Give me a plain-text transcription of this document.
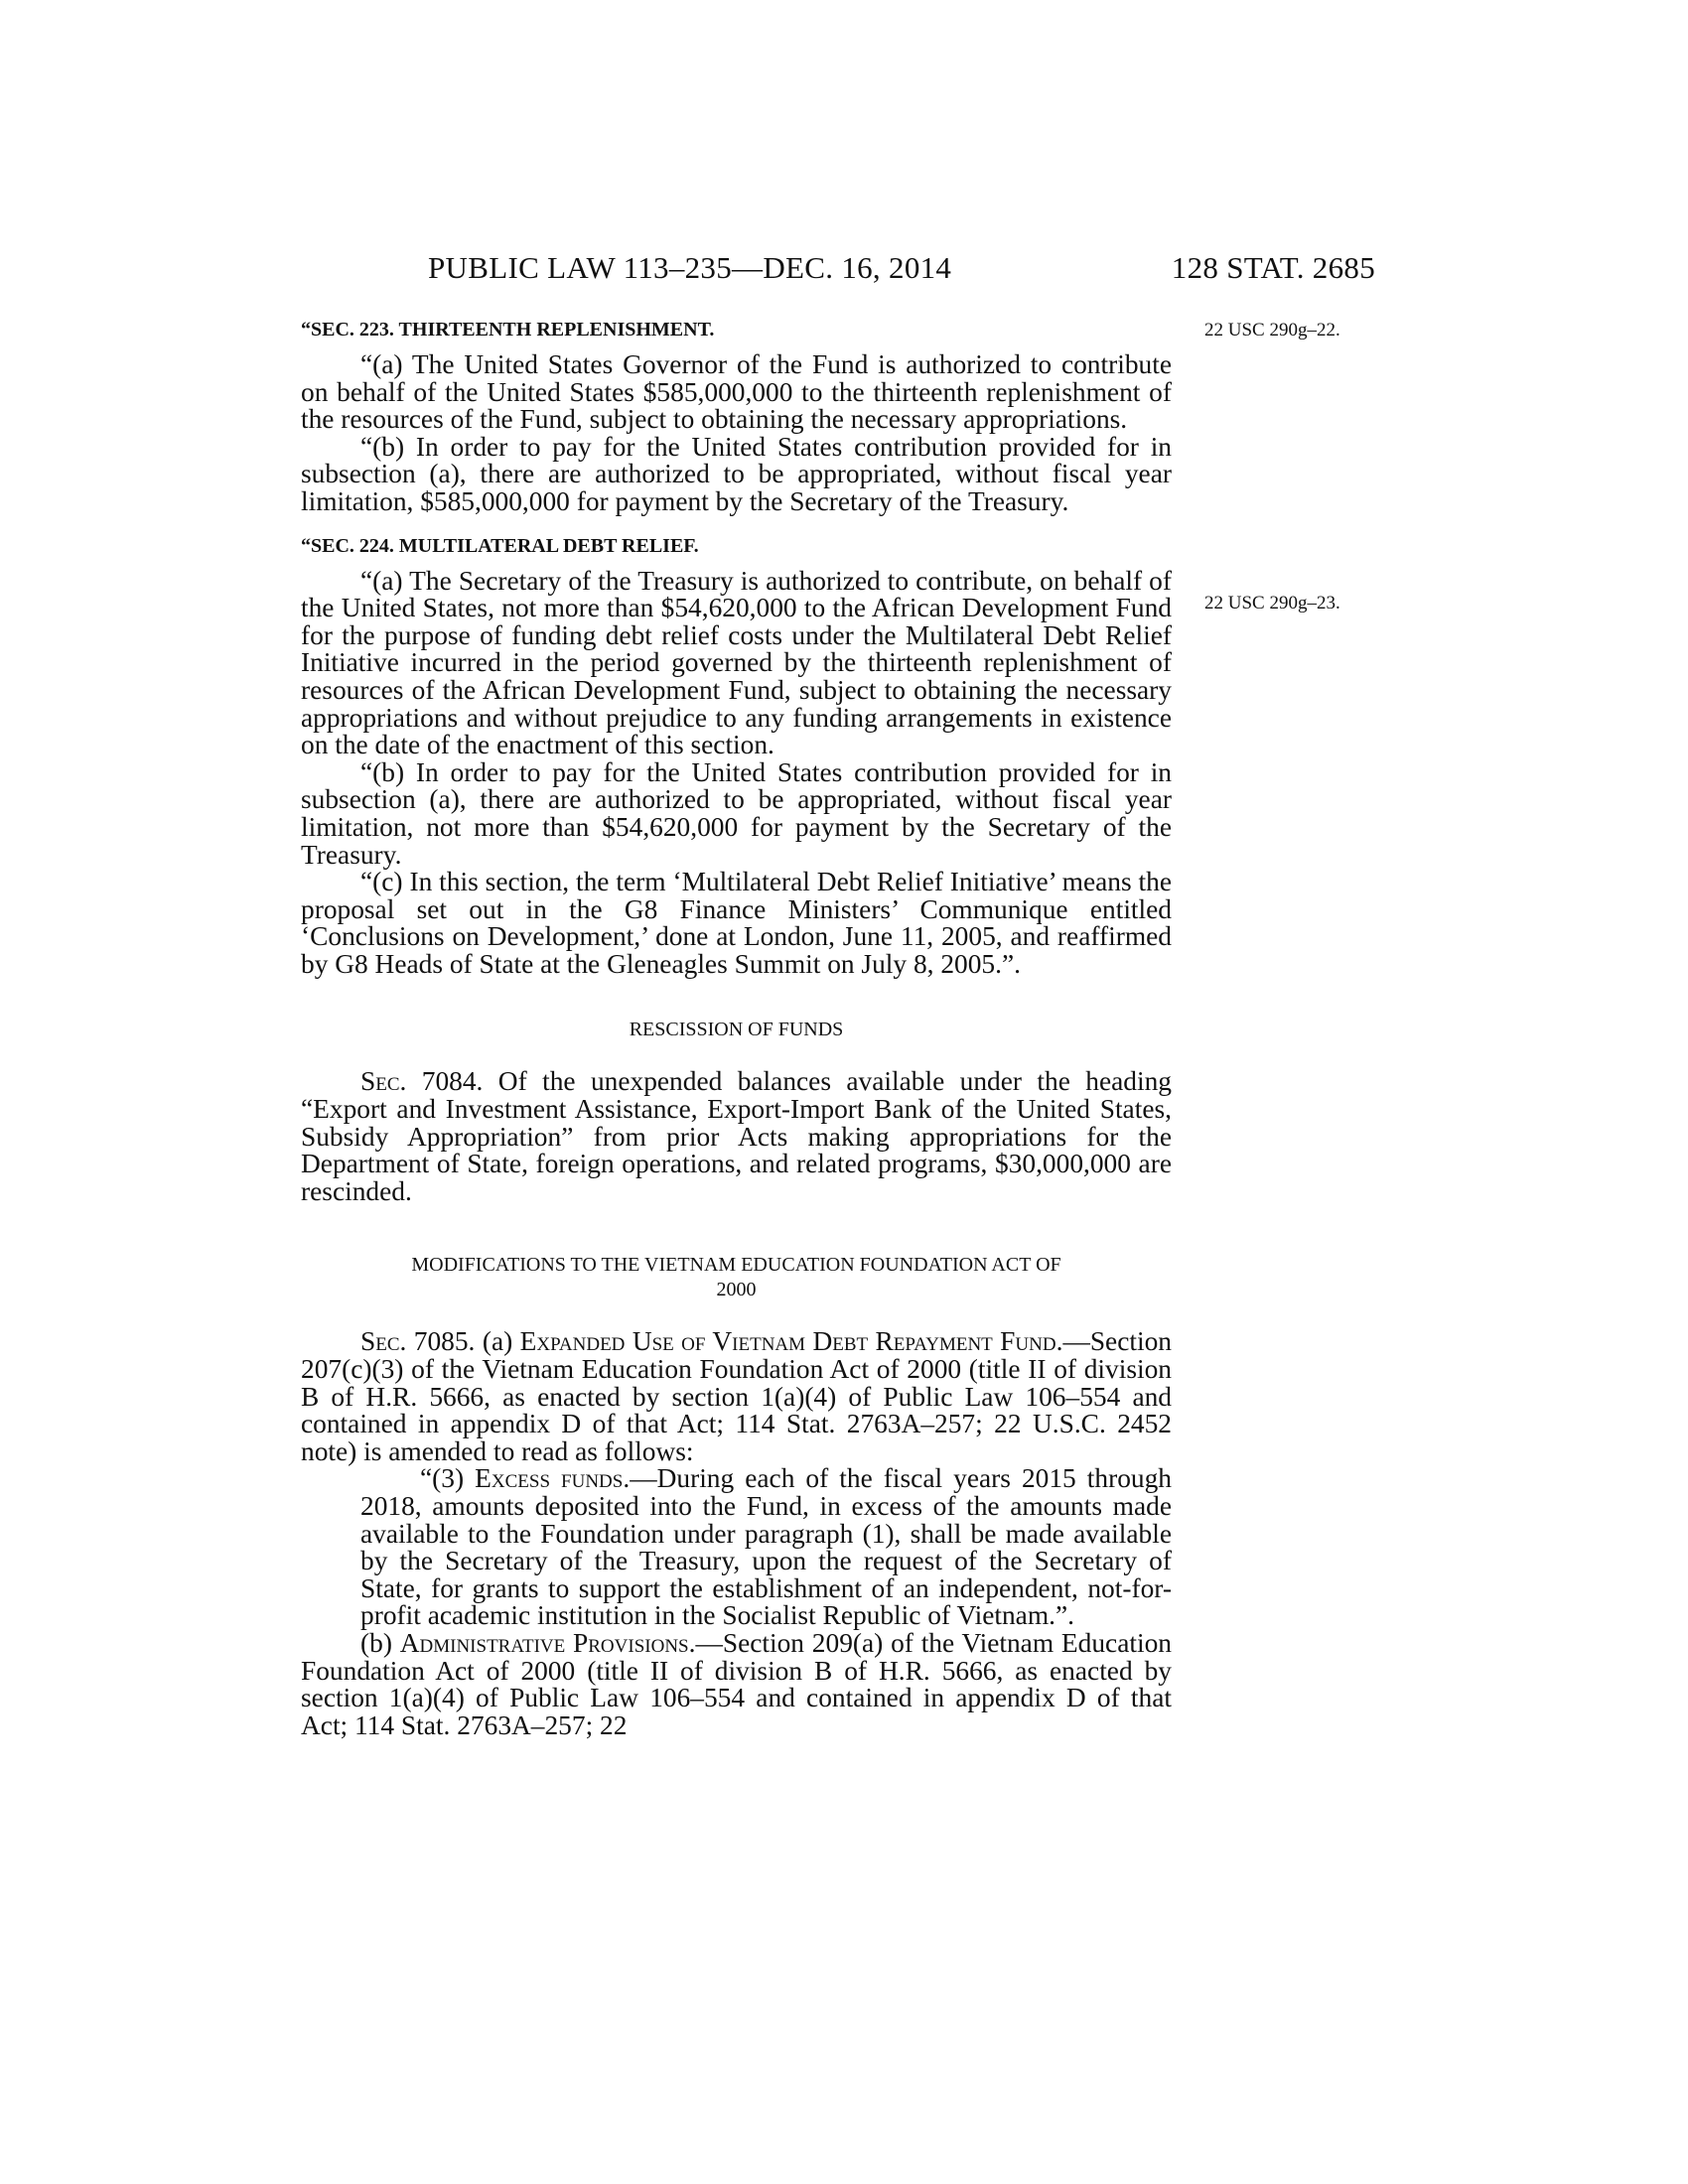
PUBLIC LAW 113–235—DEC. 16, 2014	128 STAT. 2685
22 USC 290g–22.
22 USC 290g–23.
“SEC. 223. THIRTEENTH REPLENISHMENT.

“(a) The United States Governor of the Fund is authorized to contribute on behalf of the United States $585,000,000 to the thirteenth replenishment of the resources of the Fund, subject to obtaining the necessary appropriations.

“(b) In order to pay for the United States contribution provided for in subsection (a), there are authorized to be appropriated, without fiscal year limitation, $585,000,000 for payment by the Secretary of the Treasury.

“SEC. 224. MULTILATERAL DEBT RELIEF.

“(a) The Secretary of the Treasury is authorized to contribute, on behalf of the United States, not more than $54,620,000 to the African Development Fund for the purpose of funding debt relief costs under the Multilateral Debt Relief Initiative incurred in the period governed by the thirteenth replenishment of resources of the African Development Fund, subject to obtaining the necessary appropriations and without prejudice to any funding arrangements in existence on the date of the enactment of this section.

“(b) In order to pay for the United States contribution provided for in subsection (a), there are authorized to be appropriated, without fiscal year limitation, not more than $54,620,000 for payment by the Secretary of the Treasury.

“(c) In this section, the term ‘Multilateral Debt Relief Initiative’ means the proposal set out in the G8 Finance Ministers’ Communique entitled ‘Conclusions on Development,’ done at London, June 11, 2005, and reaffirmed by G8 Heads of State at the Gleneagles Summit on July 8, 2005.”.

RESCISSION OF FUNDS

Sec. 7084. Of the unexpended balances available under the heading “Export and Investment Assistance, Export-Import Bank of the United States, Subsidy Appropriation” from prior Acts making appropriations for the Department of State, foreign operations, and related programs, $30,000,000 are rescinded.

MODIFICATIONS TO THE VIETNAM EDUCATION FOUNDATION ACT OF
2000

Sec. 7085. (a) Expanded Use of Vietnam Debt Repayment Fund.—Section 207(c)(3) of the Vietnam Education Foundation Act of 2000 (title II of division B of H.R. 5666, as enacted by section 1(a)(4) of Public Law 106–554 and contained in appendix D of that Act; 114 Stat. 2763A–257; 22 U.S.C. 2452 note) is amended to read as follows:

“(3) Excess funds.—During each of the fiscal years 2015 through 2018, amounts deposited into the Fund, in excess of the amounts made available to the Foundation under paragraph (1), shall be made available by the Secretary of the Treasury, upon the request of the Secretary of State, for grants to support the establishment of an independent, not-for-profit academic institution in the Socialist Republic of Vietnam.”.

(b) Administrative Provisions.—Section 209(a) of the Vietnam Education Foundation Act of 2000 (title II of division B of H.R. 5666, as enacted by section 1(a)(4) of Public Law 106–554 and contained in appendix D of that Act; 114 Stat. 2763A–257; 22
